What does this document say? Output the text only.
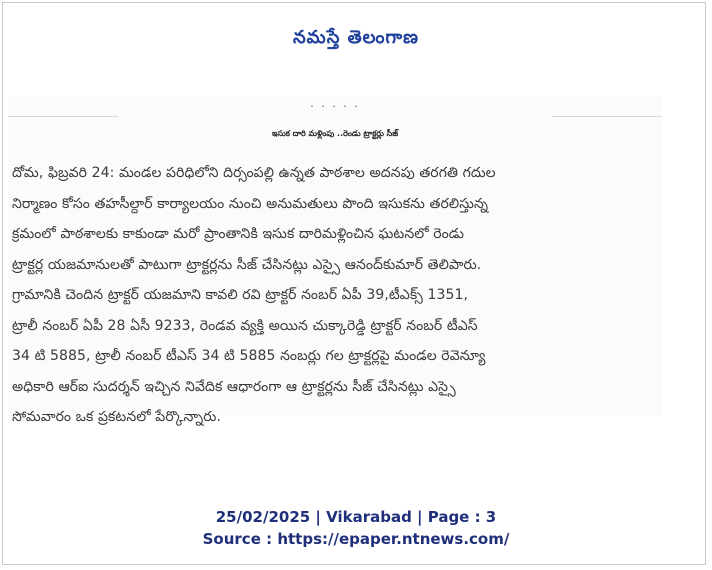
నమస్తే తెలంగాణ
· · · · ·
ఇసుక దారి మళ్లింపు ..రెండు ట్రాక్టర్లు సీజ్

దోమ, ఫిబ్రవరి 24: మండల పరిధిలోని దిర్సంపల్లి ఉన్నత పాఠశాల అదనపు తరగతి గదుల
నిర్మాణం కోసం తహసీల్దార్ కార్యాలయం నుంచి అనుమతులు పొంది ఇసుకను తరలిస్తున్న
క్రమంలో పాఠశాలకు కాకుండా మరో ప్రాంతానికి ఇసుక దారిమళ్లించిన ఘటనలో రెండు
ట్రాక్టర్ల యజమానులతో పాటుగా ట్రాక్టర్లను సీజ్ చేసినట్లు ఎస్సై ఆనంద్‌కుమార్ తెలిపారు.
గ్రామానికి చెందిన ట్రాక్టర్ యజమాని కావలి రవి ట్రాక్టర్ నంబర్ ఏపీ 39,టీఎక్స్ 1351,
ట్రాలీ నంబర్ ఏపీ 28 ఏసీ 9233, రెండవ వ్యక్తి అయిన చుక్కారెడ్డి ట్రాక్టర్ నంబర్ టీఎస్
34 టి 5885, ట్రాలీ నంబర్ టీఎస్ 34 టి 5885 నంబర్లు గల ట్రాక్టర్లపై మండల రెవెన్యూ
అధికారి ఆర్ఐ సుదర్శన్ ఇచ్చిన నివేదిక ఆధారంగా ఆ ట్రాక్టర్లను సీజ్ చేసినట్లు ఎస్సై
సోమవారం ఒక ప్రకటనలో పేర్కొన్నారు.

25/02/2025 | Vikarabad | Page : 3
Source : https://epaper.ntnews.com/
